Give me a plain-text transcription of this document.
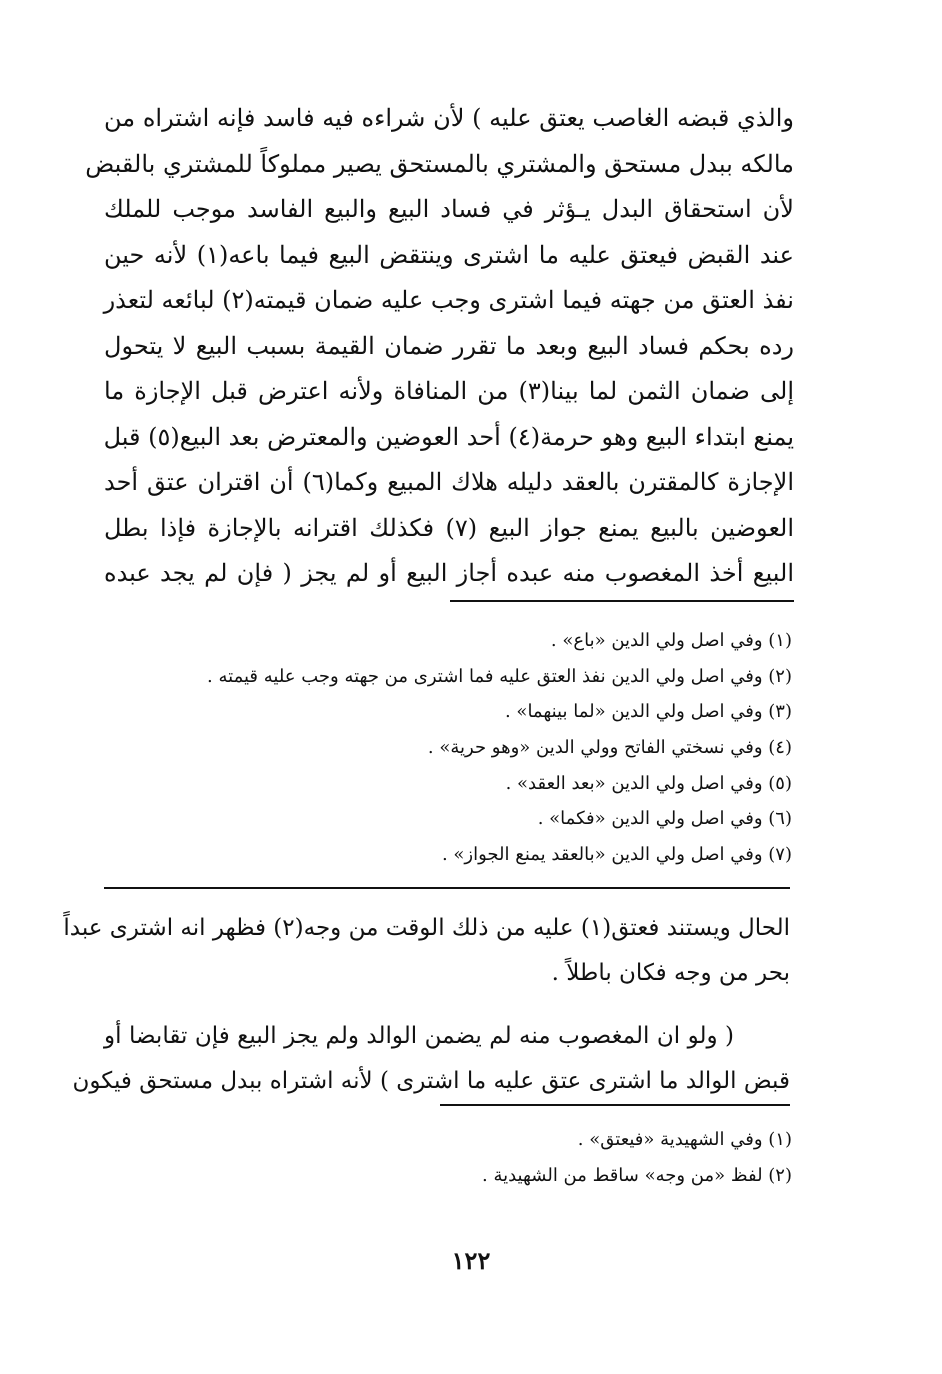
والذي قبضه الغاصب يعتق عليه ) لأن شراءه فيه فاسد فإنه اشتراه من
مالكه ببدل مستحق والمشتري بالمستحق يصير مملوكاً للمشتري بالقبض
لأن استحقاق البدل يـؤثر في فساد البيع والبيع الفاسد موجب للملك
عند القبض فيعتق عليه ما اشترى وينتقض البيع فيما باعه(١) لأنه حين
نفذ العتق من جهته فيما اشترى وجب عليه ضمان قيمته(٢) لبائعه لتعذر
رده بحكم فساد البيع وبعد ما تقرر ضمان القيمة بسبب البيع لا يتحول
إلى ضمان الثمن لما بينا(٣) من المنافاة ولأنه اعترض قبل الإجازة ما
يمنع ابتداء البيع وهو حرمة(٤) أحد العوضين والمعترض بعد البيع(٥) قبل
الإجازة كالمقترن بالعقد دليله هلاك المبيع وكما(٦) أن اقتران عتق أحد
العوضين بالبيع يمنع جواز البيع (٧) فكذلك اقترانه بالإجازة فإذا بطل
البيع أخذ المغصوب منه عبده أجاز البيع أو لم يجز ( فإن لم يجد عبده
(١) وفي اصل ولي الدين «باع» .
(٢) وفي اصل ولي الدين نفذ العتق عليه فما اشترى من جهته وجب عليه قيمته .
(٣) وفي اصل ولي الدين «لما بينهما» .
(٤) وفي نسختي الفاتح وولي الدين «وهو حرية» .
(٥) وفي اصل ولي الدين «بعد العقد» .
(٦) وفي اصل ولي الدين «فكما» .
(٧) وفي اصل ولي الدين «بالعقد يمنع الجواز» .
الحال ويستند فعتق(١) عليه من ذلك الوقت من وجه(٢) فظهر انه اشترى عبداً
بحر من وجه فكان باطلاً .
( ولو ان المغصوب منه لم يضمن الوالد ولم يجز البيع فإن تقابضا أو
قبض الوالد ما اشترى عتق عليه ما اشترى ) لأنه اشتراه ببدل مستحق فيكون
(١) وفي الشهيدية «فيعتق» .
(٢) لفظ «من وجه» ساقط من الشهيدية .
١٢٢
